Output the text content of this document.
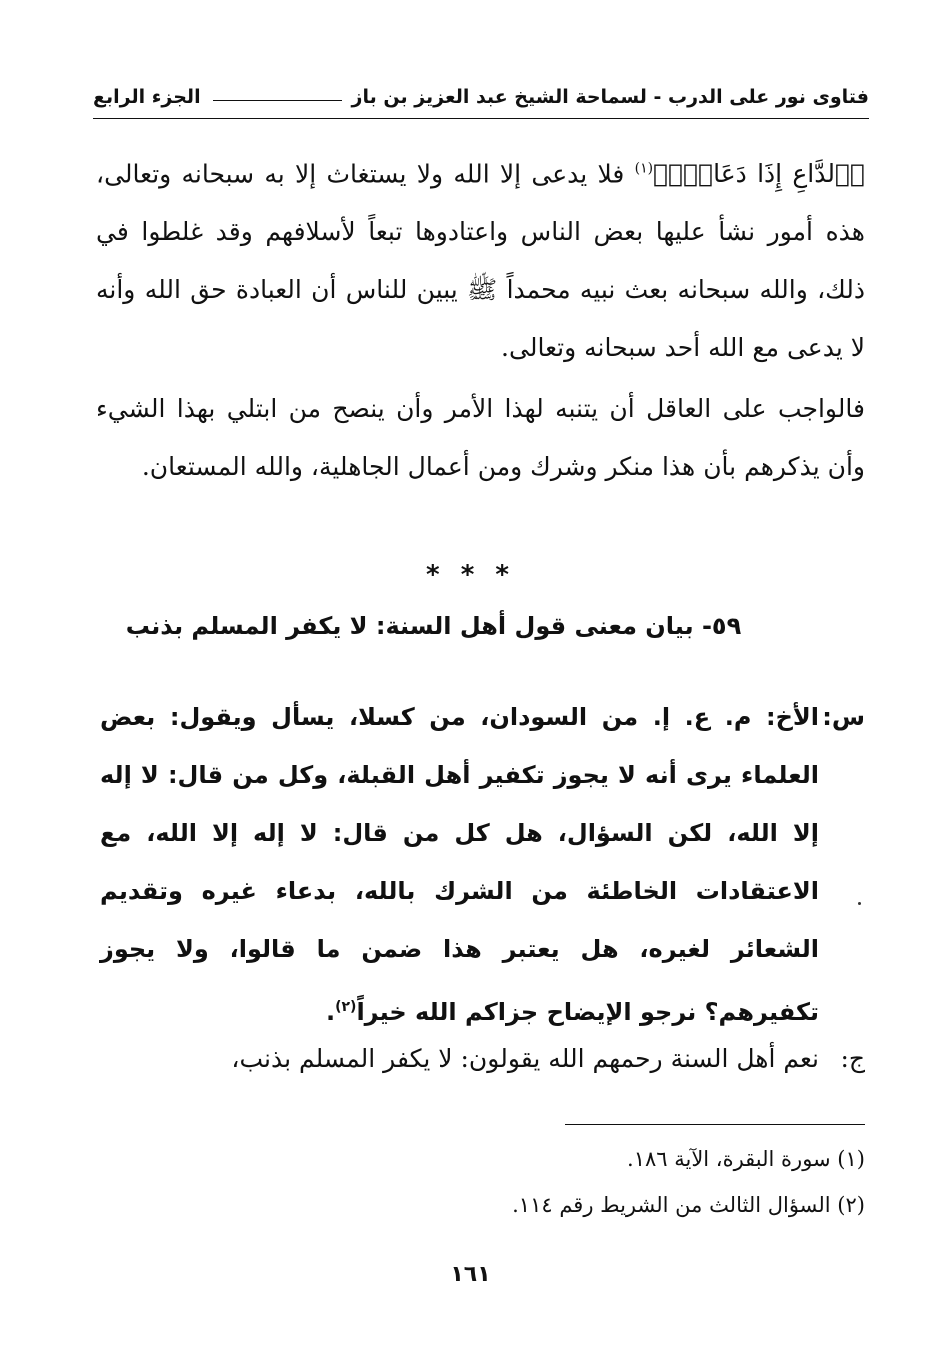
فتاوى نور على الدرب - لسماحة الشيخ عبد العزيز بن باز
الجزء الرابع
﴿ٱلدَّاعِ إِذَا دَعَانِۖ﴾$^{(١)}$ فلا يدعى إلا الله ولا يستغاث إلا به سبحانه وتعالى، هذه أمور نشأ عليها بعض الناس واعتادوها تبعاً لأسلافهم وقد غلطوا في ذلك، والله سبحانه بعث نبيه محمداً ﷺ يبين للناس أن العبادة حق الله وأنه لا يدعى مع الله أحد سبحانه وتعالى.
فالواجب على العاقل أن يتنبه لهذا الأمر وأن ينصح من ابتلي بهذا الشيء وأن يذكرهم بأن هذا منكر وشرك ومن أعمال الجاهلية، والله المستعان.
* * *
٥٩- بيان معنى قول أهل السنة: لا يكفر المسلم بذنب
س:
الأخ: م. ع. إ. من السودان، من كسلا، يسأل ويقول: بعض العلماء يرى أنه لا يجوز تكفير أهل القبلة، وكل من قال: لا إله إلا الله، لكن السؤال، هل كل من قال: لا إله إلا الله، مع الاعتقادات الخاطئة من الشرك بالله، بدعاء غيره وتقديم الشعائر لغيره، هل يعتبر هذا ضمن ما قالوا، ولا يجوز تكفيرهم؟ نرجو الإيضاح جزاكم الله خيراً$^{(٢)}$.
ج:
نعم أهل السنة رحمهم الله يقولون: لا يكفر المسلم بذنب،
(١) سورة البقرة، الآية ١٨٦.
(٢) السؤال الثالث من الشريط رقم ١١٤.
١٦١
